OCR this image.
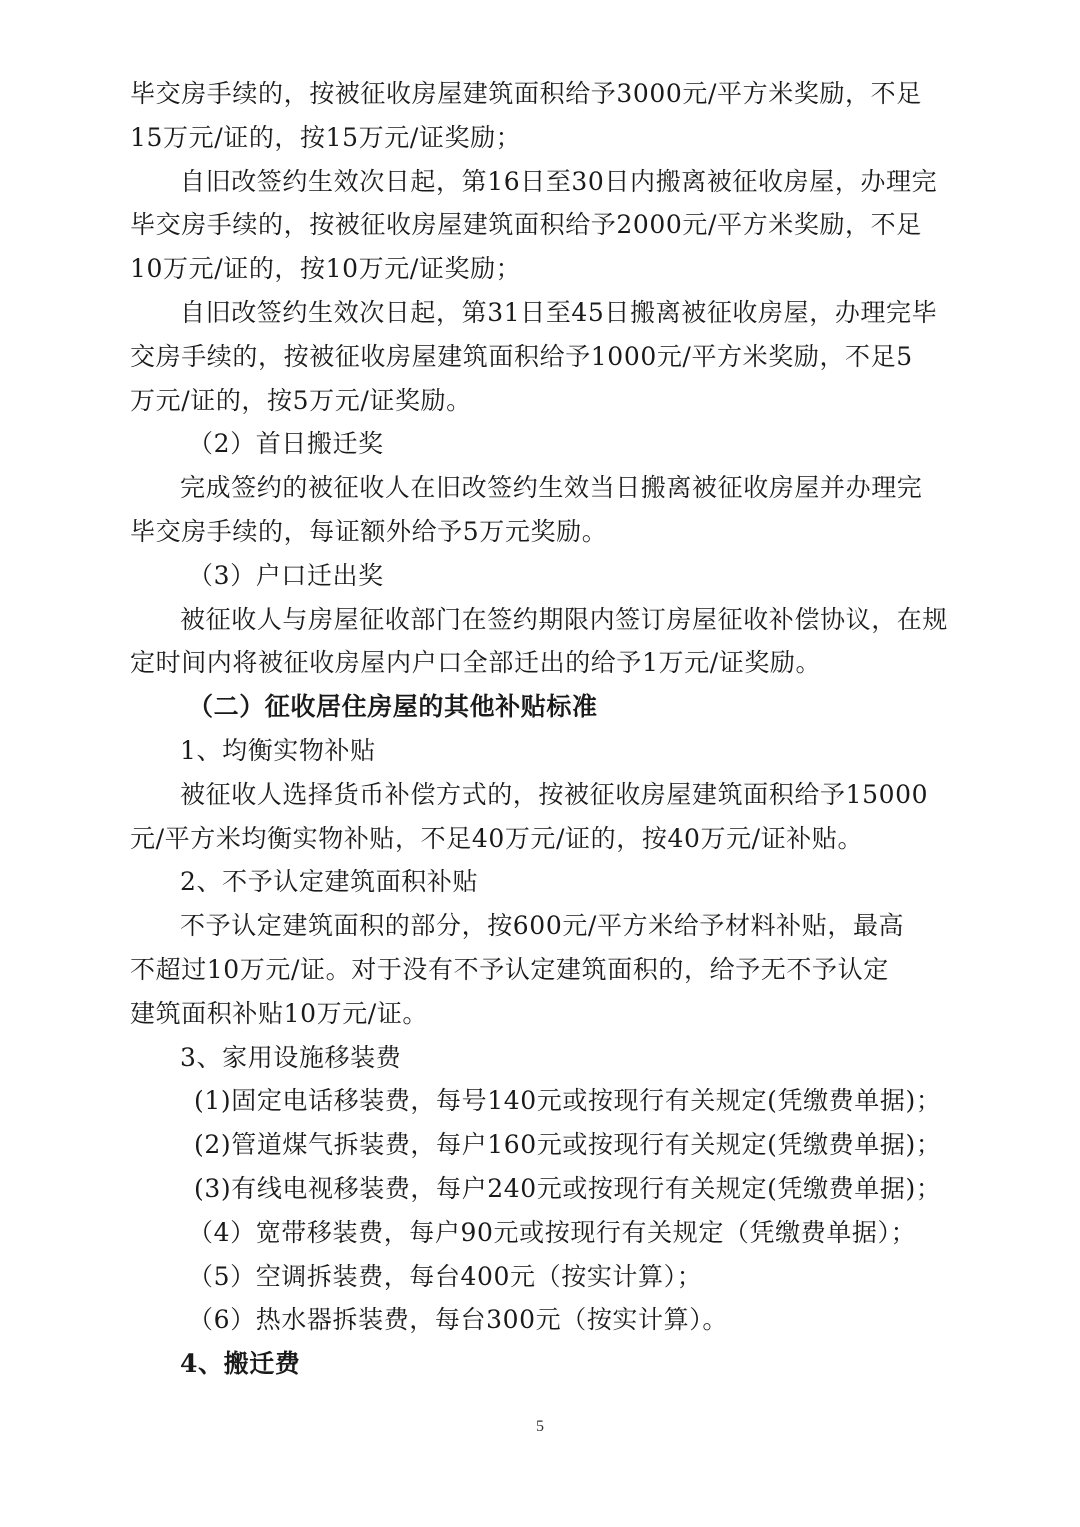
毕交房手续的，按被征收房屋建筑面积给予3000元/平方米奖励，不足
15万元/证的，按15万元/证奖励；
自旧改签约生效次日起，第16日至30日内搬离被征收房屋，办理完
毕交房手续的，按被征收房屋建筑面积给予2000元/平方米奖励，不足
10万元/证的，按10万元/证奖励；
自旧改签约生效次日起，第31日至45日搬离被征收房屋，办理完毕
交房手续的，按被征收房屋建筑面积给予1000元/平方米奖励，不足5
万元/证的，按5万元/证奖励。
（2）首日搬迁奖
完成签约的被征收人在旧改签约生效当日搬离被征收房屋并办理完
毕交房手续的，每证额外给予5万元奖励。
（3）户口迁出奖
被征收人与房屋征收部门在签约期限内签订房屋征收补偿协议，在规
定时间内将被征收房屋内户口全部迁出的给予1万元/证奖励。
（二）征收居住房屋的其他补贴标准
1、均衡实物补贴
被征收人选择货币补偿方式的，按被征收房屋建筑面积给予15000
元/平方米均衡实物补贴，不足40万元/证的，按40万元/证补贴。
2、不予认定建筑面积补贴
不予认定建筑面积的部分，按600元/平方米给予材料补贴，最高
不超过10万元/证。对于没有不予认定建筑面积的，给予无不予认定
建筑面积补贴10万元/证。
3、家用设施移装费
(1)固定电话移装费，每号140元或按现行有关规定(凭缴费单据)；
(2)管道煤气拆装费，每户160元或按现行有关规定(凭缴费单据)；
(3)有线电视移装费，每户240元或按现行有关规定(凭缴费单据)；
（4）宽带移装费，每户90元或按现行有关规定（凭缴费单据）；
（5）空调拆装费，每台400元（按实计算）；
（6）热水器拆装费，每台300元（按实计算）。
4、搬迁费
5
